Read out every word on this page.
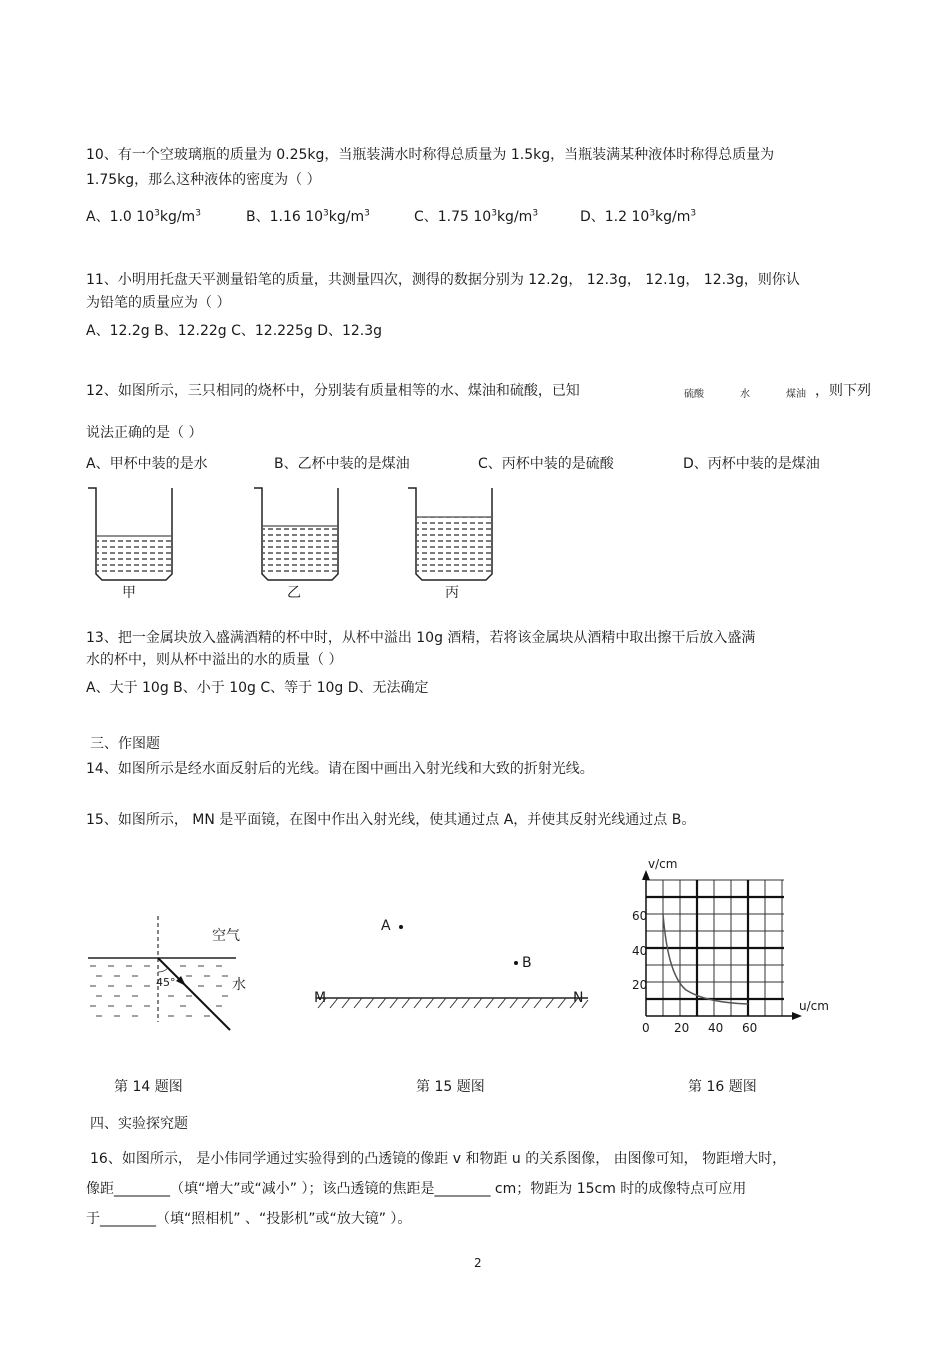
10、有一个空玻璃瓶的质量为 0.25kg，当瓶装满水时称得总质量为 1.5kg，当瓶装满某种液体时称得总质量为
1.75kg，那么这种液体的密度为（ ）
A、1.0 $10^3kg/m^3$	B、1.16 $10^3kg/m^3$	C、1.75 $10^3kg/m^3$	D、1.2 $10^3kg/m^3$
11、小明用托盘天平测量铅笔的质量，共测量四次，测得的数据分别为 12.2g， 12.3g， 12.1g， 12.3g，则你认
为铅笔的质量应为（ ）
A、12.2g B、12.22g C、12.225g D、12.3g
12、如图所示，三只相同的烧杯中，分别装有质量相等的水、煤油和硫酸，已知	硫酸	水	煤油 ，则下列
说法正确的是（ ）
A、甲杯中装的是水	B、乙杯中装的是煤油	C、丙杯中装的是硫酸	D、丙杯中装的是煤油
甲	乙	丙
13、把一金属块放入盛满酒精的杯中时，从杯中溢出 10g 酒精，若将该金属块从酒精中取出擦干后放入盛满
水的杯中，则从杯中溢出的水的质量（ ）
A、大于 10g B、小于 10g C、等于 10g D、无法确定
三、作图题
14、如图所示是经水面反射后的光线。请在图中画出入射光线和大致的折射光线。
15、如图所示， MN 是平面镜，在图中作出入射光线，使其通过点 A，并使其反射光线通过点 B。
空气
水
45°
第 14 题图
A
B
M	N
第 15 题图
v/cm
u/cm
60
40
20
0 20 40 60
第 16 题图
四、实验探究题
16、如图所示， 是小伟同学通过实验得到的凸透镜的像距 v 和物距 u 的关系图像， 由图像可知， 物距增大时，
像距________（填“增大”或“减小” ）；该凸透镜的焦距是________ cm；物距为 15cm 时的成像特点可应用
于________（填“照相机” 、“投影机”或“放大镜” ）。
2
